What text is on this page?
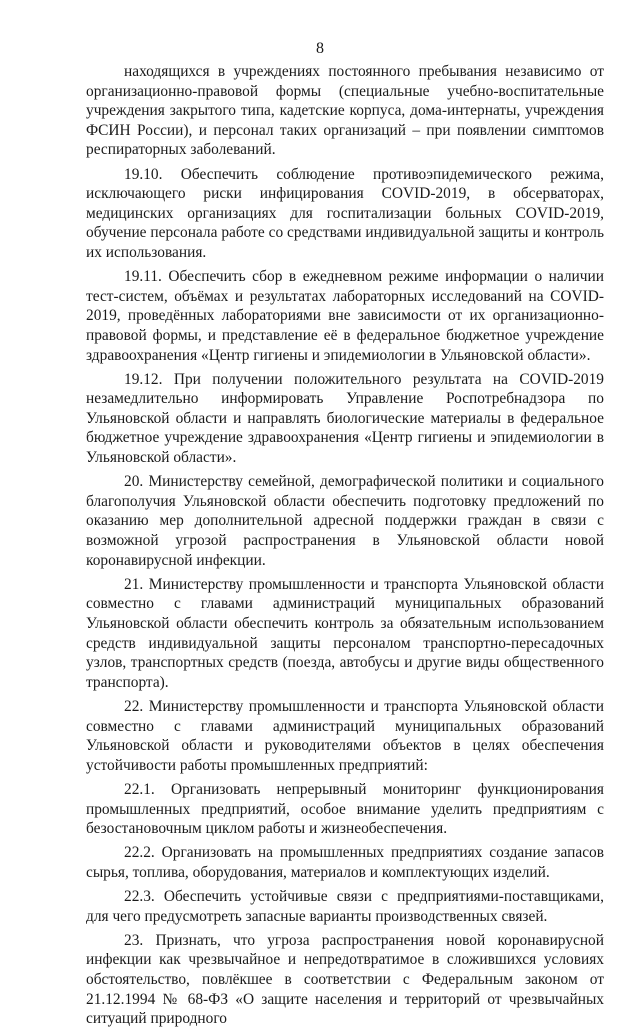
8

находящихся в учреждениях постоянного пребывания независимо от организационно-правовой формы (специальные учебно-воспитательные учреждения закрытого типа, кадетские корпуса, дома-интернаты, учреждения ФСИН России), и персонал таких организаций – при появлении симптомов респираторных заболеваний.

19.10. Обеспечить соблюдение противоэпидемического режима, исключающего риски инфицирования COVID-2019, в обсерваторах, медицинских организациях для госпитализации больных COVID-2019, обучение персонала работе со средствами индивидуальной защиты и контроль их использования.

19.11. Обеспечить сбор в ежедневном режиме информации о наличии тест-систем, объёмах и результатах лабораторных исследований на COVID-2019, проведённых лабораториями вне зависимости от их организационно-правовой формы, и представление её в федеральное бюджетное учреждение здравоохранения «Центр гигиены и эпидемиологии в Ульяновской области».

19.12. При получении положительного результата на COVID-2019 незамедлительно информировать Управление Роспотребнадзора по Ульяновской области и направлять биологические материалы в федеральное бюджетное учреждение здравоохранения «Центр гигиены и эпидемиологии в Ульяновской области».

20. Министерству семейной, демографической политики и социального благополучия Ульяновской области обеспечить подготовку предложений по оказанию мер дополнительной адресной поддержки граждан в связи с возможной угрозой распространения в Ульяновской области новой коронавирусной инфекции.

21. Министерству промышленности и транспорта Ульяновской области совместно с главами администраций муниципальных образований Ульяновской области обеспечить контроль за обязательным использованием средств индивидуальной защиты персоналом транспортно-пересадочных узлов, транспортных средств (поезда, автобусы и другие виды общественного транспорта).

22. Министерству промышленности и транспорта Ульяновской области совместно с главами администраций муниципальных образований Ульяновской области и руководителями объектов в целях обеспечения устойчивости работы промышленных предприятий:

22.1. Организовать непрерывный мониторинг функционирования промышленных предприятий, особое внимание уделить предприятиям с безостановочным циклом работы и жизнеобеспечения.

22.2. Организовать на промышленных предприятиях создание запасов сырья, топлива, оборудования, материалов и комплектующих изделий.

22.3. Обеспечить устойчивые связи с предприятиями-поставщиками, для чего предусмотреть запасные варианты производственных связей.

23. Признать, что угроза распространения новой коронавирусной инфекции как чрезвычайное и непредотвратимое в сложившихся условиях обстоятельство, повлёкшее в соответствии с Федеральным законом от 21.12.1994 № 68-ФЗ «О защите населения и территорий от чрезвычайных ситуаций природного
